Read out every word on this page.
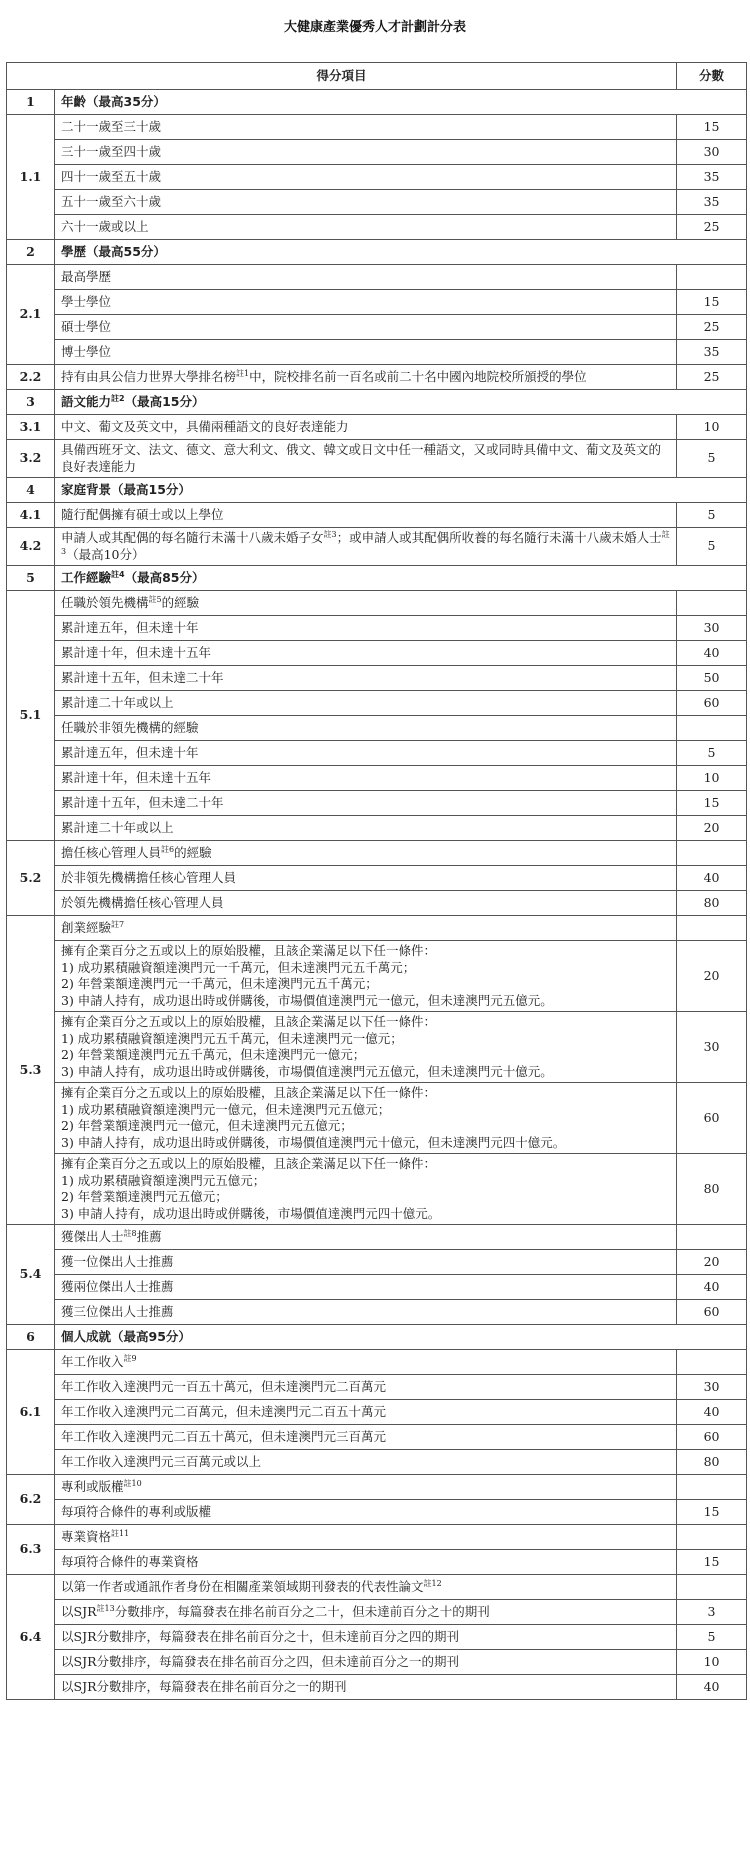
大健康產業優秀人才計劃計分表
得分項目		分數
1	年齡（最高35分）	
1.1	二十一歲至三十歲	15
	三十一歲至四十歲	30
	四十一歲至五十歲	35
	五十一歲至六十歲	35
	六十一歲或以上	25
2	學歷（最高55分）	
2.1	最高學歷	
	學士學位	15
	碩士學位	25
	博士學位	35
2.2	持有由具公信力世界大學排名榜$^{註1}$中，院校排名前一百名或前二十名中國內地院校所頒授的學位	25
3	語文能力$^{註2}$（最高15分）	
3.1	中文、葡文及英文中，具備兩種語文的良好表達能力	10
3.2	具備西班牙文、法文、德文、意大利文、俄文、韓文或日文中任一種語文，又或同時具備中文、葡文及英文的良好表達能力	5
4	家庭背景（最高15分）	
4.1	隨行配偶擁有碩士或以上學位	5
4.2	申請人或其配偶的每名隨行未滿十八歲未婚子女$^{註3}$；或申請人或其配偶所收養的每名隨行未滿十八歲未婚人士$^{註3}$（最高10分）	5
5	工作經驗$^{註4}$（最高85分）	
5.1	任職於領先機構$^{註5}$的經驗	
	累計達五年，但未達十年	30
	累計達十年，但未達十五年	40
	累計達十五年，但未達二十年	50
	累計達二十年或以上	60
	任職於非領先機構的經驗	
	累計達五年，但未達十年	5
	累計達十年，但未達十五年	10
	累計達十五年，但未達二十年	15
	累計達二十年或以上	20
5.2	擔任核心管理人員$^{註6}$的經驗	
	於非領先機構擔任核心管理人員	40
	於領先機構擔任核心管理人員	80
5.3	創業經驗$^{註7}$	

	擁有企業百分之五或以上的原始股權，且該企業滿足以下任一條件：
1) 成功累積融資額達澳門元一千萬元，但未達澳門元五千萬元；
2) 年營業額達澳門元一千萬元，但未達澳門元五千萬元；
3) 申請人持有，成功退出時或併購後，市場價值達澳門元一億元，但未達澳門元五億元。	20

	擁有企業百分之五或以上的原始股權，且該企業滿足以下任一條件：
1) 成功累積融資額達澳門元五千萬元，但未達澳門元一億元；
2) 年營業額達澳門元五千萬元，但未達澳門元一億元；
3) 申請人持有，成功退出時或併購後，市場價值達澳門元五億元，但未達澳門元十億元。	30

	擁有企業百分之五或以上的原始股權，且該企業滿足以下任一條件：
1) 成功累積融資額達澳門元一億元，但未達澳門元五億元；
2) 年營業額達澳門元一億元，但未達澳門元五億元；
3) 申請人持有，成功退出時或併購後，市場價值達澳門元十億元，但未達澳門元四十億元。	60

	擁有企業百分之五或以上的原始股權，且該企業滿足以下任一條件：
1) 成功累積融資額達澳門元五億元；
2) 年營業額達澳門元五億元；
3) 申請人持有，成功退出時或併購後，市場價值達澳門元四十億元。	80
5.4	獲傑出人士$^{註8}$推薦	
	獲一位傑出人士推薦	20
	獲兩位傑出人士推薦	40
	獲三位傑出人士推薦	60
6	個人成就（最高95分）	
6.1	年工作收入$^{註9}$	
	年工作收入達澳門元一百五十萬元，但未達澳門元二百萬元	30
	年工作收入達澳門元二百萬元，但未達澳門元二百五十萬元	40
	年工作收入達澳門元二百五十萬元，但未達澳門元三百萬元	60
	年工作收入達澳門元三百萬元或以上	80
6.2	專利或版權$^{註10}$	
	每項符合條件的專利或版權	15
6.3	專業資格$^{註11}$	
	每項符合條件的專業資格	15
6.4	以第一作者或通訊作者身份在相關產業領域期刊發表的代表性論文$^{註12}$	
	以SJR$^{註13}$分數排序，每篇發表在排名前百分之二十，但未達前百分之十的期刊	3
	以SJR分數排序，每篇發表在排名前百分之十，但未達前百分之四的期刊	5
	以SJR分數排序，每篇發表在排名前百分之四，但未達前百分之一的期刊	10
	以SJR分數排序，每篇發表在排名前百分之一的期刊	40
